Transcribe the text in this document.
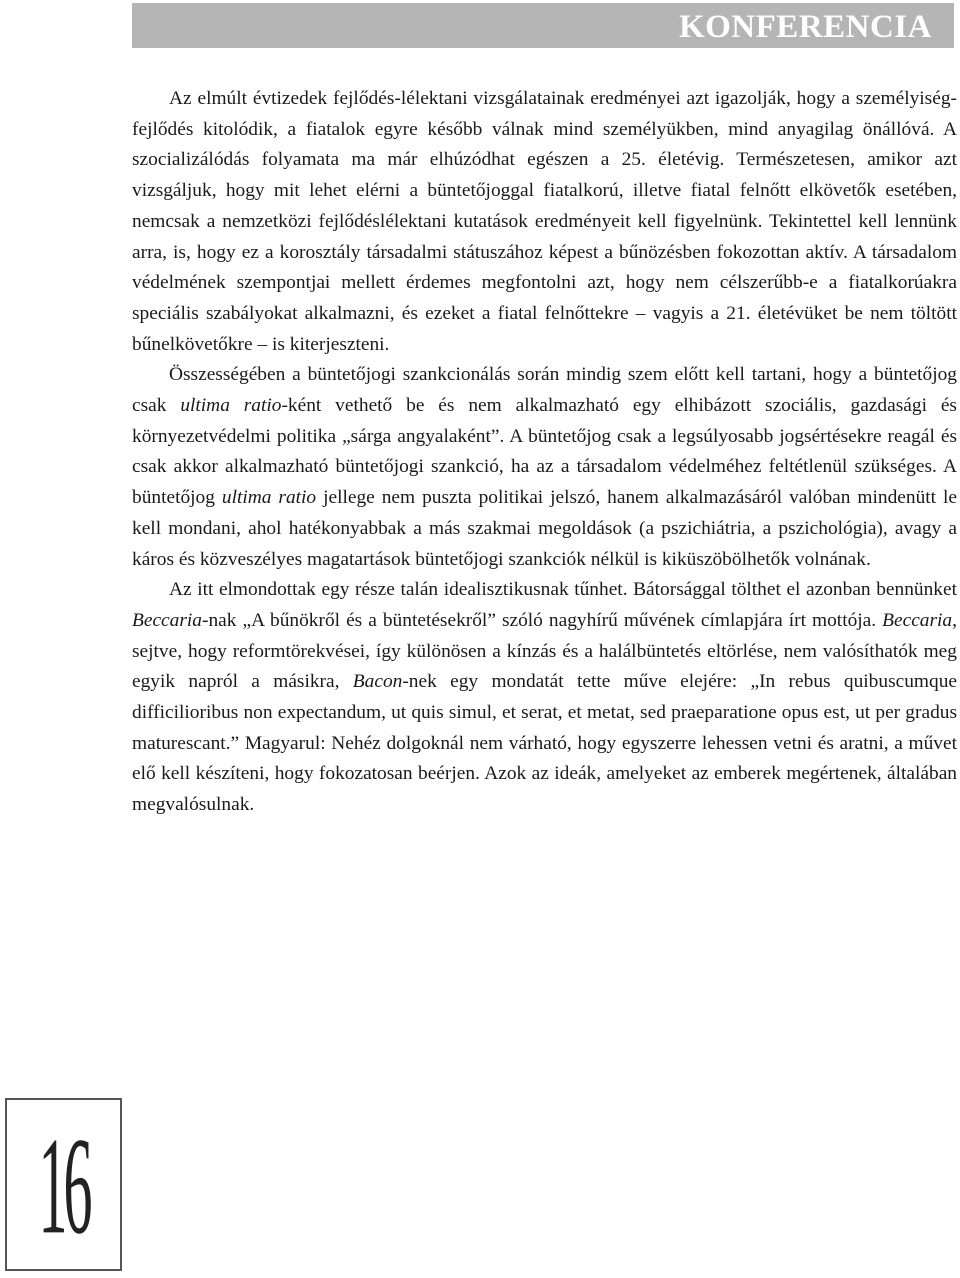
KONFERENCIA

Az elmúlt évtizedek fejlődés-lélektani vizsgálatainak eredményei azt igazolják, hogy a személyiség-fejlődés kitolódik, a fiatalok egyre később válnak mind személyükben, mind anyagilag önállóvá. A szocializálódás folyamata ma már elhúzódhat egészen a 25. életévig. Természetesen, amikor azt vizsgáljuk, hogy mit lehet elérni a büntetőjoggal fiatalkorú, illetve fiatal felnőtt elkövetők esetében, nemcsak a nemzetközi fejlődéslélektani kutatások eredményeit kell figyelnünk. Tekintettel kell lennünk arra, is, hogy ez a korosztály társadalmi státuszához képest a bűnözésben fokozottan aktív. A társadalom védelmének szempontjai mellett érdemes megfontolni azt, hogy nem célszerűbb-e a fiatalkorúakra speciális szabályokat alkalmazni, és ezeket a fiatal felnőttekre – vagyis a 21. életévüket be nem töltött bűnelkövetőkre – is kiterjeszteni.

Összességében a büntetőjogi szankcionálás során mindig szem előtt kell tartani, hogy a büntetőjog csak ultima ratio-ként vethető be és nem alkalmazható egy elhibázott szociális, gazdasági és környezetvédelmi politika „sárga angyalaként”. A büntetőjog csak a legsúlyosabb jogsértésekre reagál és csak akkor alkalmazható büntetőjogi szankció, ha az a társadalom védelméhez feltétlenül szükséges. A büntetőjog ultima ratio jellege nem puszta politikai jelszó, hanem alkalmazásáról valóban mindenütt le kell mondani, ahol hatékonyabbak a más szakmai megoldások (a pszichiátria, a pszichológia), avagy a káros és közveszélyes magatartások büntetőjogi szankciók nélkül is kiküszöbölhetők volnának.

Az itt elmondottak egy része talán idealisztikusnak tűnhet. Bátorsággal tölthet el azonban bennünket Beccaria-nak „A bűnökről és a büntetésekről” szóló nagyhírű művének címlapjára írt mottója. Beccaria, sejtve, hogy reformtörekvései, így különösen a kínzás és a halálbüntetés eltörlése, nem valósíthatók meg egyik napról a másikra, Bacon-nek egy mondatát tette műve elejére: „In rebus quibuscumque difficilioribus non expectandum, ut quis simul, et serat, et metat, sed praeparatione opus est, ut per gradus maturescant.” Magyarul: Nehéz dolgoknál nem várható, hogy egyszerre lehessen vetni és aratni, a művet elő kell készíteni, hogy fokozatosan beérjen. Azok az ideák, amelyeket az emberek megértenek, általában megvalósulnak.

16
